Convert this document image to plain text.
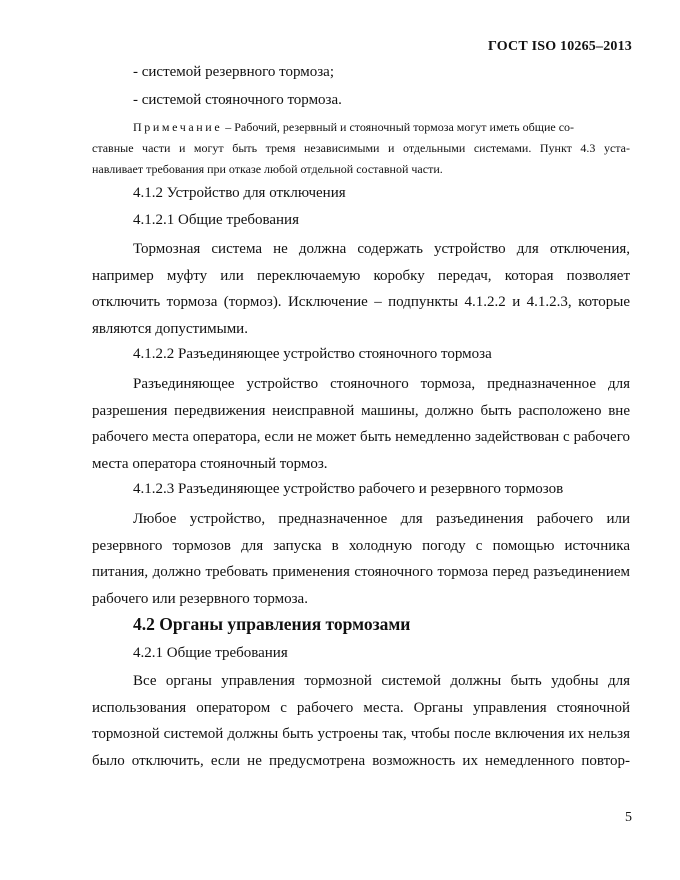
ГОСТ ISO 10265–2013
- системой резервного тормоза;
- системой стояночного тормоза.
Примечание – Рабочий, резервный и стояночный тормоза могут иметь общие со-
ставные части и могут быть тремя независимыми и отдельными системами. Пункт 4.3 уста-
навливает требования при отказе любой отдельной составной части.
4.1.2 Устройство для отключения
4.1.2.1 Общие требования
Тормозная система не должна содержать устройство для отключения, например муфту или переключаемую коробку передач, которая позволяет отключить тормоза (тормоз). Исключение – подпункты 4.1.2.2 и 4.1.2.3, которые являются допустимыми.
4.1.2.2 Разъединяющее устройство стояночного тормоза
Разъединяющее устройство стояночного тормоза, предназначенное для разрешения передвижения неисправной машины, должно быть расположено вне рабочего места оператора, если не может быть немедленно задействован с рабочего места оператора стояночный тормоз.
4.1.2.3 Разъединяющее устройство рабочего и резервного тормозов
Любое устройство, предназначенное для разъединения рабочего или резервного тормозов для запуска в холодную погоду с помощью источника питания, должно требовать применения стояночного тормоза перед разъединением рабочего или резервного тормоза.
4.2 Органы управления тормозами
4.2.1 Общие требования
Все органы управления тормозной системой должны быть удобны для использования оператором с рабочего места. Органы управления стояночной тормозной системой должны быть устроены так, чтобы после включения их нельзя было отключить, если не предусмотрена возможность их немедленного повтор-
5
